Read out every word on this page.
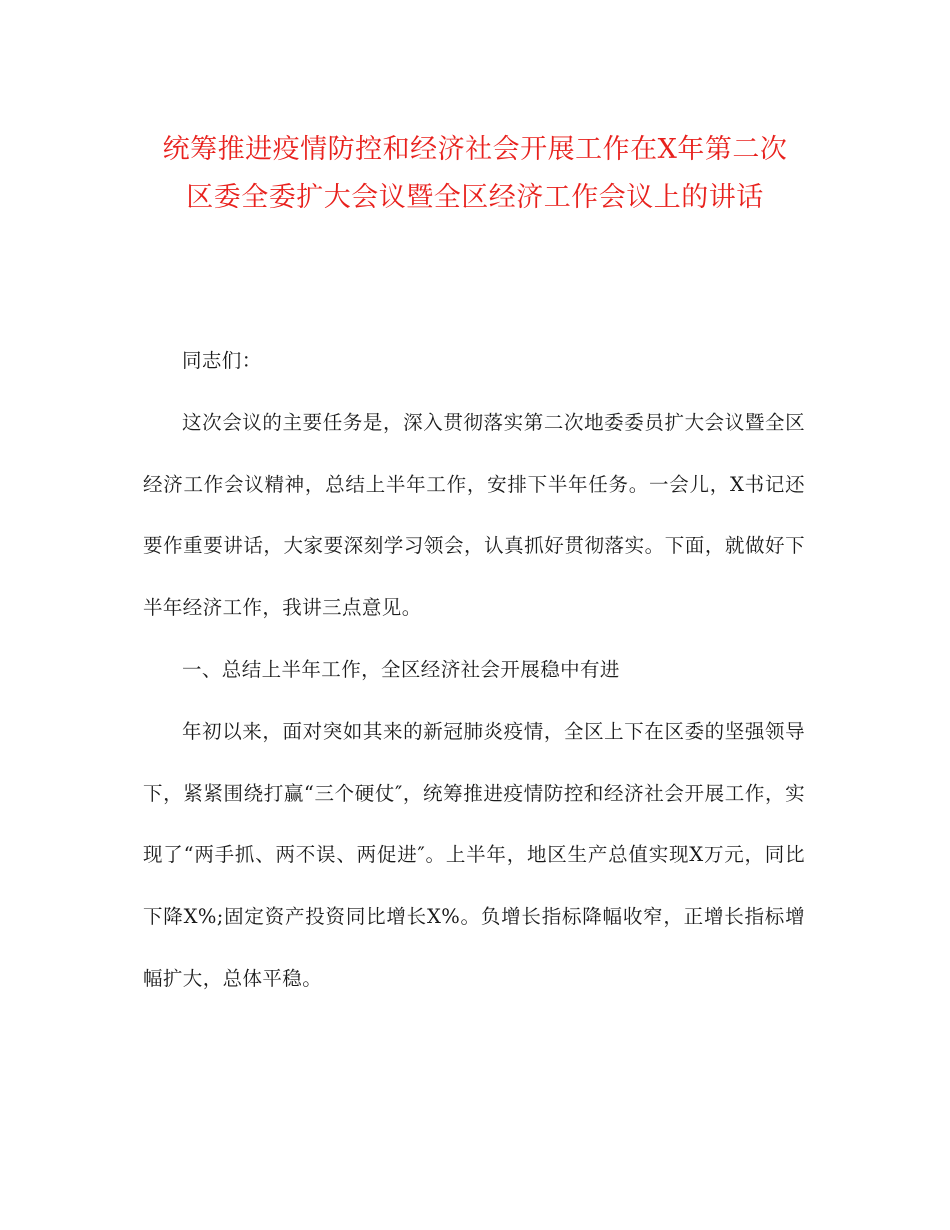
统筹推进疫情防控和经济社会开展工作在X年第二次
区委全委扩大会议暨全区经济工作会议上的讲话

同志们：

这次会议的主要任务是，深入贯彻落实第二次地委委员扩大会议暨全区经济工作会议精神，总结上半年工作，安排下半年任务。一会儿，X书记还要作重要讲话，大家要深刻学习领会，认真抓好贯彻落实。下面，就做好下半年经济工作，我讲三点意见。

一、总结上半年工作，全区经济社会开展稳中有进

年初以来，面对突如其来的新冠肺炎疫情，全区上下在区委的坚强领导下，紧紧围绕打赢“三个硬仗″，统筹推进疫情防控和经济社会开展工作，实现了“两手抓、两不误、两促进″。上半年，地区生产总值实现X万元，同比下降X%;固定资产投资同比增长X%。负增长指标降幅收窄，正增长指标增幅扩大，总体平稳。
